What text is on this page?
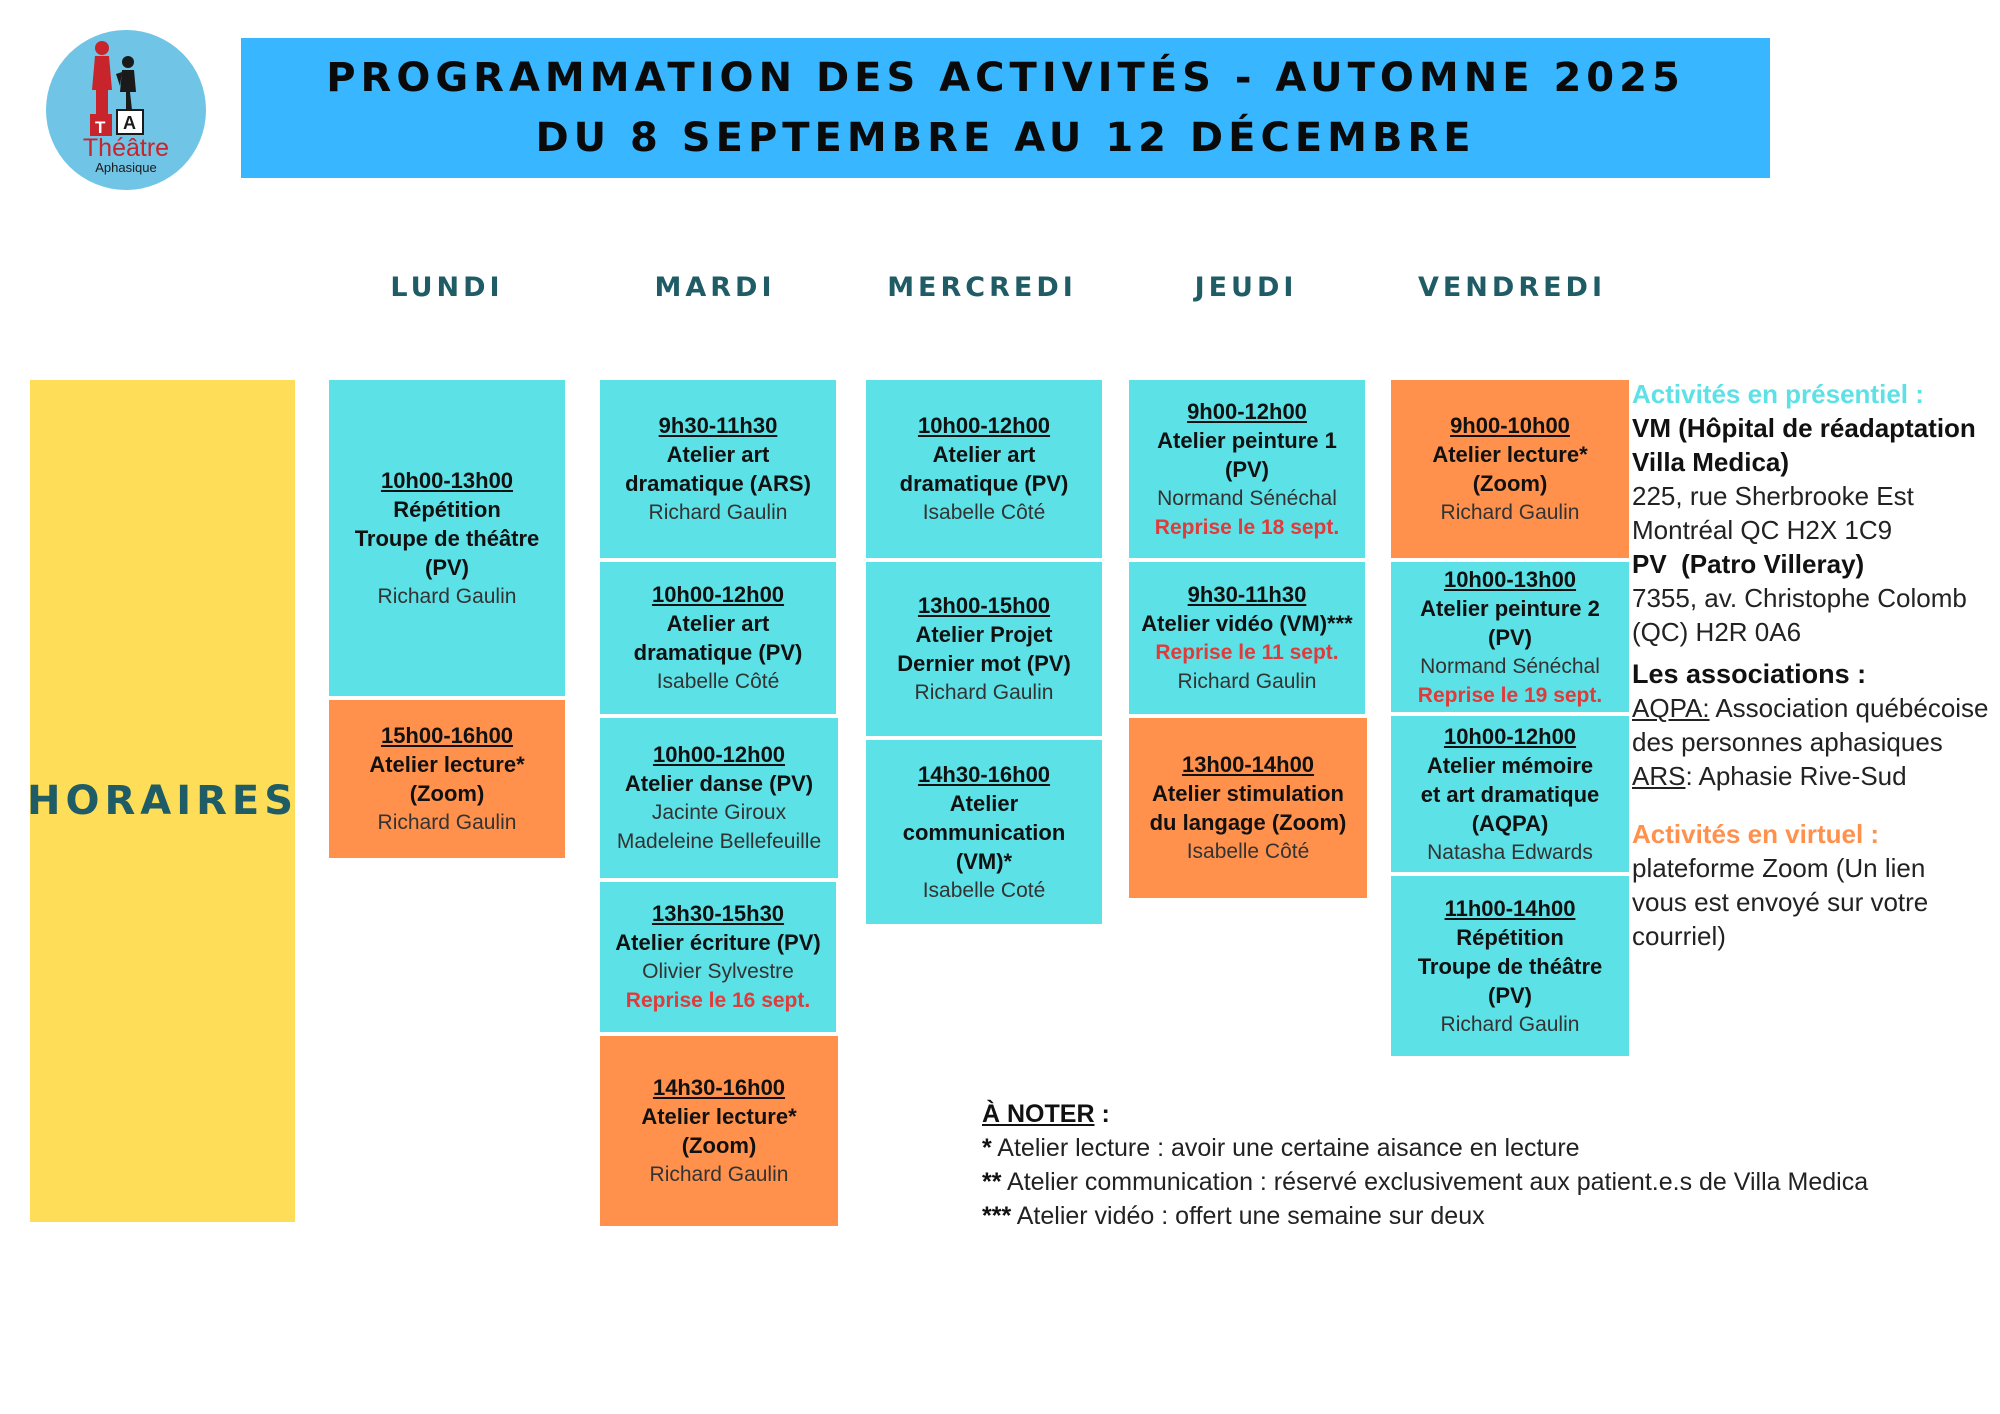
T A
Théâtre
Aphasique
PROGRAMMATION DES ACTIVITÉS - AUTOMNE 2025
DU 8 SEPTEMBRE AU 12 DÉCEMBRE
LUNDI	MARDI	MERCREDI	JEUDI	VENDREDI
HORAIRES
10h00-13h00
Répétition
Troupe de théâtre
(PV)
Richard Gaulin
15h00-16h00
Atelier lecture*
(Zoom)
Richard Gaulin
9h30-11h30
Atelier art
dramatique (ARS)
Richard Gaulin
10h00-12h00
Atelier art
dramatique (PV)
Isabelle Côté
10h00-12h00
Atelier danse (PV)
Jacinte Giroux
Madeleine Bellefeuille
13h30-15h30
Atelier écriture (PV)
Olivier Sylvestre
Reprise le 16 sept.
14h30-16h00
Atelier lecture*
(Zoom)
Richard Gaulin
10h00-12h00
Atelier art
dramatique (PV)
Isabelle Côté
13h00-15h00
Atelier Projet
Dernier mot (PV)
Richard Gaulin
14h30-16h00
Atelier
communication
(VM)*
Isabelle Coté
9h00-12h00
Atelier peinture 1
(PV)
Normand Sénéchal
Reprise le 18 sept.
9h30-11h30
Atelier vidéo (VM)***
Reprise le 11 sept.
Richard Gaulin
13h00-14h00
Atelier stimulation
du langage (Zoom)
Isabelle Côté
9h00-10h00
Atelier lecture*
(Zoom)
Richard Gaulin
10h00-13h00
Atelier peinture 2
(PV)
Normand Sénéchal
Reprise le 19 sept.
10h00-12h00
Atelier mémoire
et art dramatique
(AQPA)
Natasha Edwards
11h00-14h00
Répétition
Troupe de théâtre
(PV)
Richard Gaulin
Activités en présentiel :
VM (Hôpital de réadaptation
Villa Medica)
225, rue Sherbrooke Est
Montréal QC H2X 1C9
PV (Patro Villeray)
7355, av. Christophe Colomb
(QC) H2R 0A6
Les associations :
AQPA: Association québécoise
des personnes aphasiques
ARS: Aphasie Rive-Sud
Activités en virtuel :
plateforme Zoom (Un lien
vous est envoyé sur votre
courriel)
À NOTER :
* Atelier lecture : avoir une certaine aisance en lecture
** Atelier communication : réservé exclusivement aux patient.e.s de Villa Medica
*** Atelier vidéo : offert une semaine sur deux
